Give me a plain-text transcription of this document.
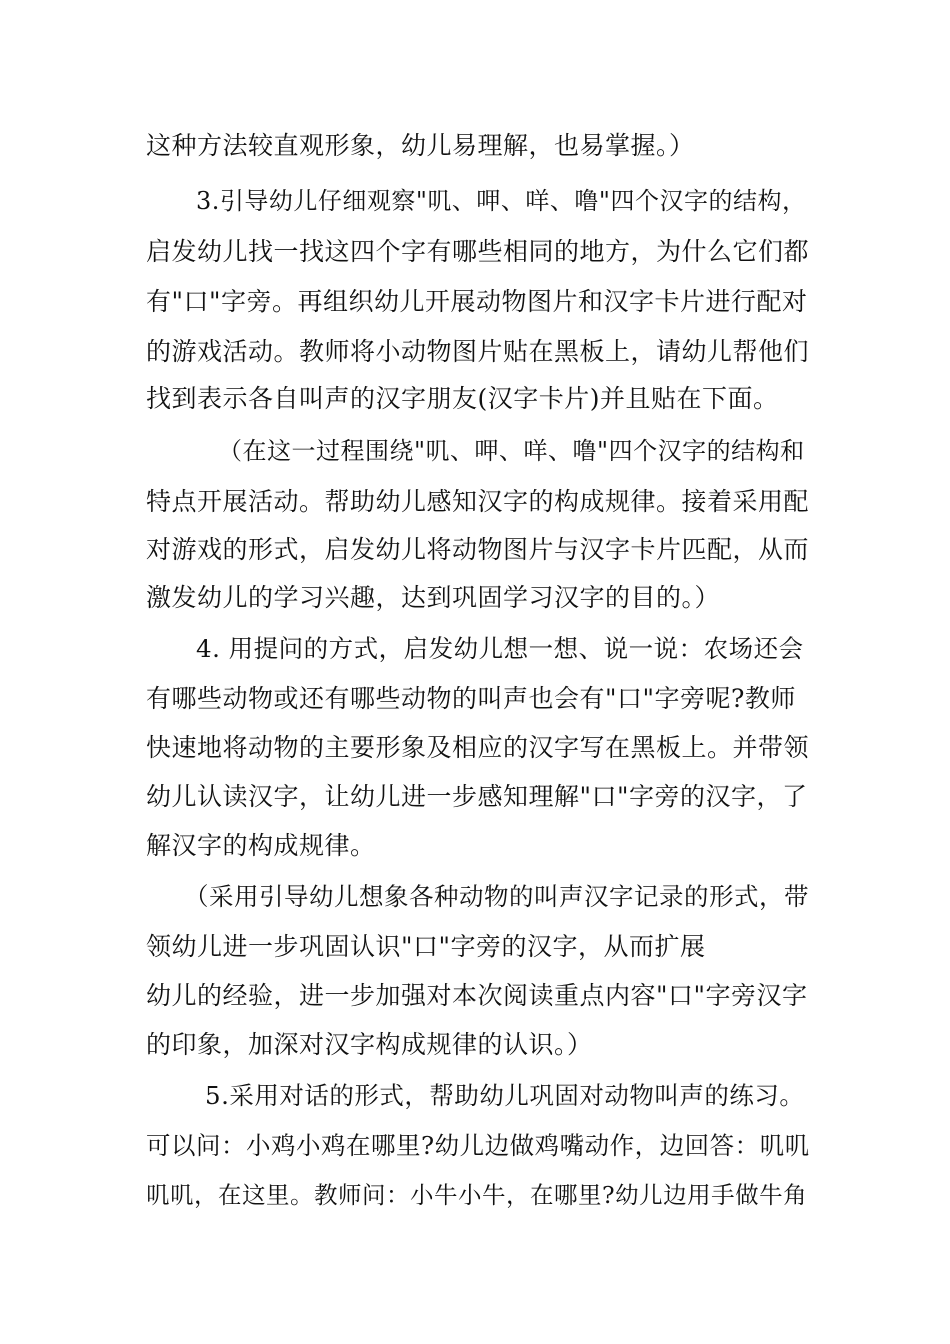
这种方法较直观形象，幼儿易理解，也易掌握。）
3.引导幼儿仔细观察"叽、呷、咩、噜"四个汉字的结构，
启发幼儿找一找这四个字有哪些相同的地方，为什么它们都
有"口"字旁。再组织幼儿开展动物图片和汉字卡片进行配对
的游戏活动。教师将小动物图片贴在黑板上，请幼儿帮他们
找到表示各自叫声的汉字朋友(汉字卡片)并且贴在下面。
（在这一过程围绕"叽、呷、咩、噜"四个汉字的结构和
特点开展活动。帮助幼儿感知汉字的构成规律。接着采用配
对游戏的形式，启发幼儿将动物图片与汉字卡片匹配，从而
激发幼儿的学习兴趣，达到巩固学习汉字的目的。）
4. 用提问的方式，启发幼儿想一想、说一说：农场还会
有哪些动物或还有哪些动物的叫声也会有"口"字旁呢?教师
快速地将动物的主要形象及相应的汉字写在黑板上。并带领
幼儿认读汉字，让幼儿进一步感知理解"口"字旁的汉字，了
解汉字的构成规律。
（采用引导幼儿想象各种动物的叫声汉字记录的形式，带
领幼儿进一步巩固认识"口"字旁的汉字，从而扩展
幼儿的经验，进一步加强对本次阅读重点内容"口"字旁汉字
的印象，加深对汉字构成规律的认识。）
5.采用对话的形式，帮助幼儿巩固对动物叫声的练习。
可以问：小鸡小鸡在哪里?幼儿边做鸡嘴动作，边回答：叽叽
叽叽，在这里。教师问：小牛小牛，在哪里?幼儿边用手做牛角
